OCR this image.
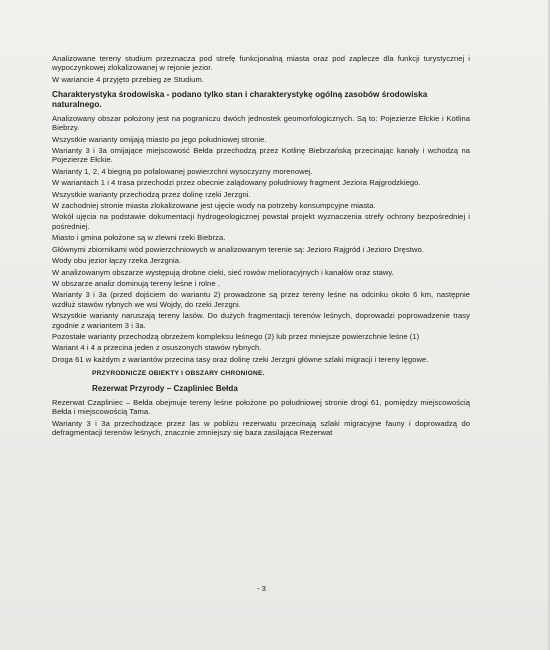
Analizowane tereny studium przeznacza pod strefę funkcjonalną miasta oraz pod zaplecze dla funkcji turystycznej i wypoczynkowej zlokalizowanej w rejonie jezior.

W wariancie 4 przyjęto przebieg ze Studium.

Charakterystyka środowiska - podano tylko stan i charakterystykę ogólną zasobów środowiska naturalnego.

Analizowany obszar położony jest na pograniczu dwóch jednostek geomorfologicznych. Są to: Pojezierze Ełckie i Kotlina Biebrzy.

Wszystkie warianty omijają miasto po jego południowej stronie.

Warianty 3 i 3a omijające miejscowość Bełda przechodzą przez Kotlinę Biebrzańską przecinając kanały i wchodzą na Pojezierze Ełckie.

Warianty 1, 2, 4 biegną po pofalowanej powierzchni wysoczyzny morenowej.

W wariantach 1 i 4 trasa przechodzi przez obecnie zalądowany południowy fragment Jeziora Rajgrodzkiego.

Wszystkie warianty przechodzą przez dolinę rzeki Jerzgni.

W zachodniej stronie miasta zlokalizowane jest ujęcie wody na potrzeby konsumpcyjne miasta.

Wokół ujęcia na podstawie dokumentacji hydrogeologicznej powstał projekt wyznaczenia strefy ochrony bezpośredniej i pośredniej.

Miasto i gmina położone są w zlewni rzeki Biebrza.

Głównymi zbiornikami wód powierzchniowych w analizowanym terenie są: Jezioro Rajgród i Jezioro Dręstwo.

Wody obu jezior łączy rzeka Jerzgnia.

W analizowanym obszarze występują drobne cieki, sieć rowów melioracyjnych i kanałów oraz stawy.

W obszarze analiz dominują tereny leśne i rolne .

Warianty 3 i 3a (przed dojściem do wariantu 2) prowadzone są przez tereny leśne na odcinku około 6 km, następnie wzdłuż stawów rybnych we wsi Wojdy, do rzeki Jerzgni.

Wszystkie warianty naruszają tereny lasów. Do dużych fragmentacji terenów leśnych, doprowadzi poprowadzenie trasy zgodnie z wariantem 3 i 3a.

Pozostałe warianty przechodzą obrzeżem kompleksu leśnego (2) lub przez mniejsze powierzchnie leśne (1)

Wariant 4 i 4 a przecina jeden z osuszonych stawów rybnych.

Droga 61 w każdym z wariantów przecina tasy oraz dolinę rzeki Jerzgni główne szlaki migracji i tereny lęgowe.

PRZYRODNICZE OBIEKTY I OBSZARY CHRONIONE.

Rezerwat Przyrody – Czapliniec Bełda

Rezerwat Czapliniec – Bełda obejmuje tereny leśne położone po południowej stronie drogi 61, pomiędzy miejscowością Bełda i miejscowością Tama.

Warianty 3 i 3a przechodzące przez las w pobliżu rezerwatu przecinają szlaki migracyjne fauny i doprowadzą do defragmentacji terenów leśnych, znacznie zmniejszy się baza zasilająca Rezerwat

- 3
